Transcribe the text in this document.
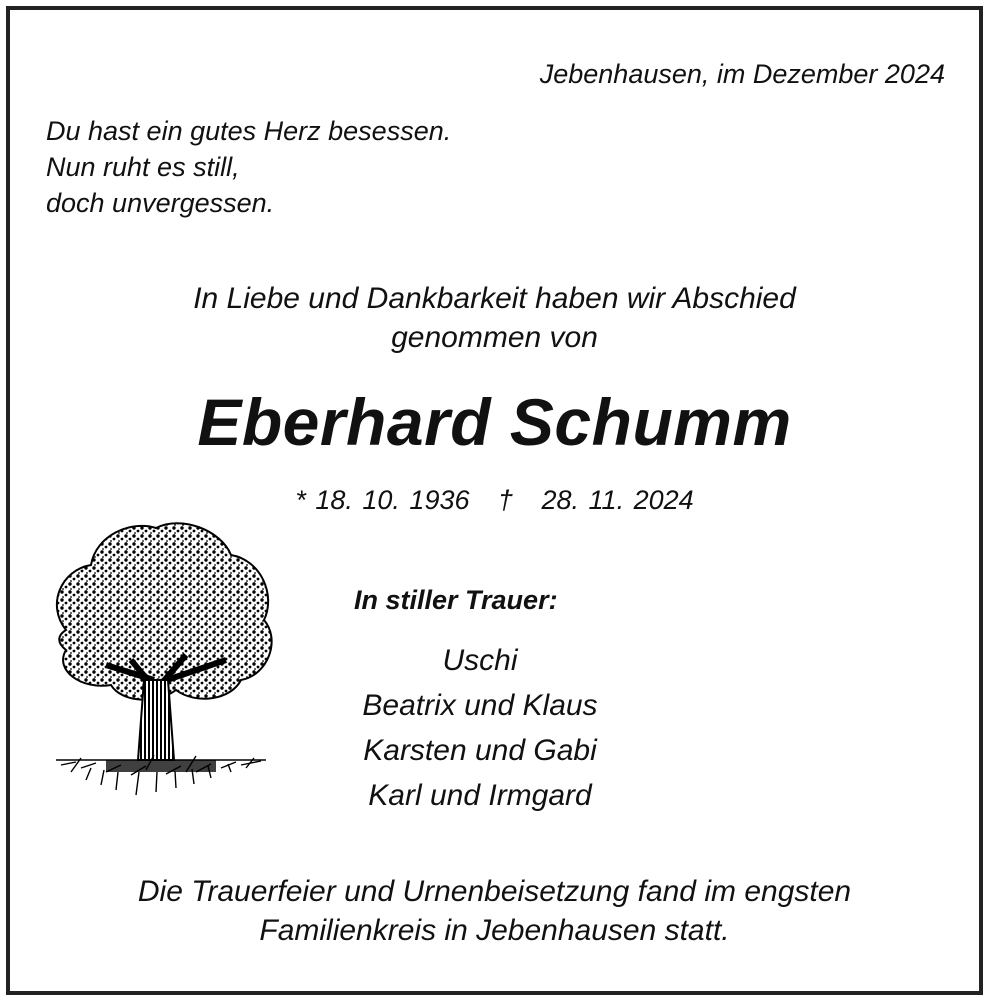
Jebenhausen, im Dezember 2024
Du hast ein gutes Herz besessen.
Nun ruht es still,
doch unvergessen.
In Liebe und Dankbarkeit haben wir Abschied
genommen von
Eberhard Schumm
* 18. 10. 1936 † 28. 11. 2024
In stiller Trauer:
Uschi
Beatrix und Klaus
Karsten und Gabi
Karl und Irmgard
Die Trauerfeier und Urnenbeisetzung fand im engsten
Familienkreis in Jebenhausen statt.
